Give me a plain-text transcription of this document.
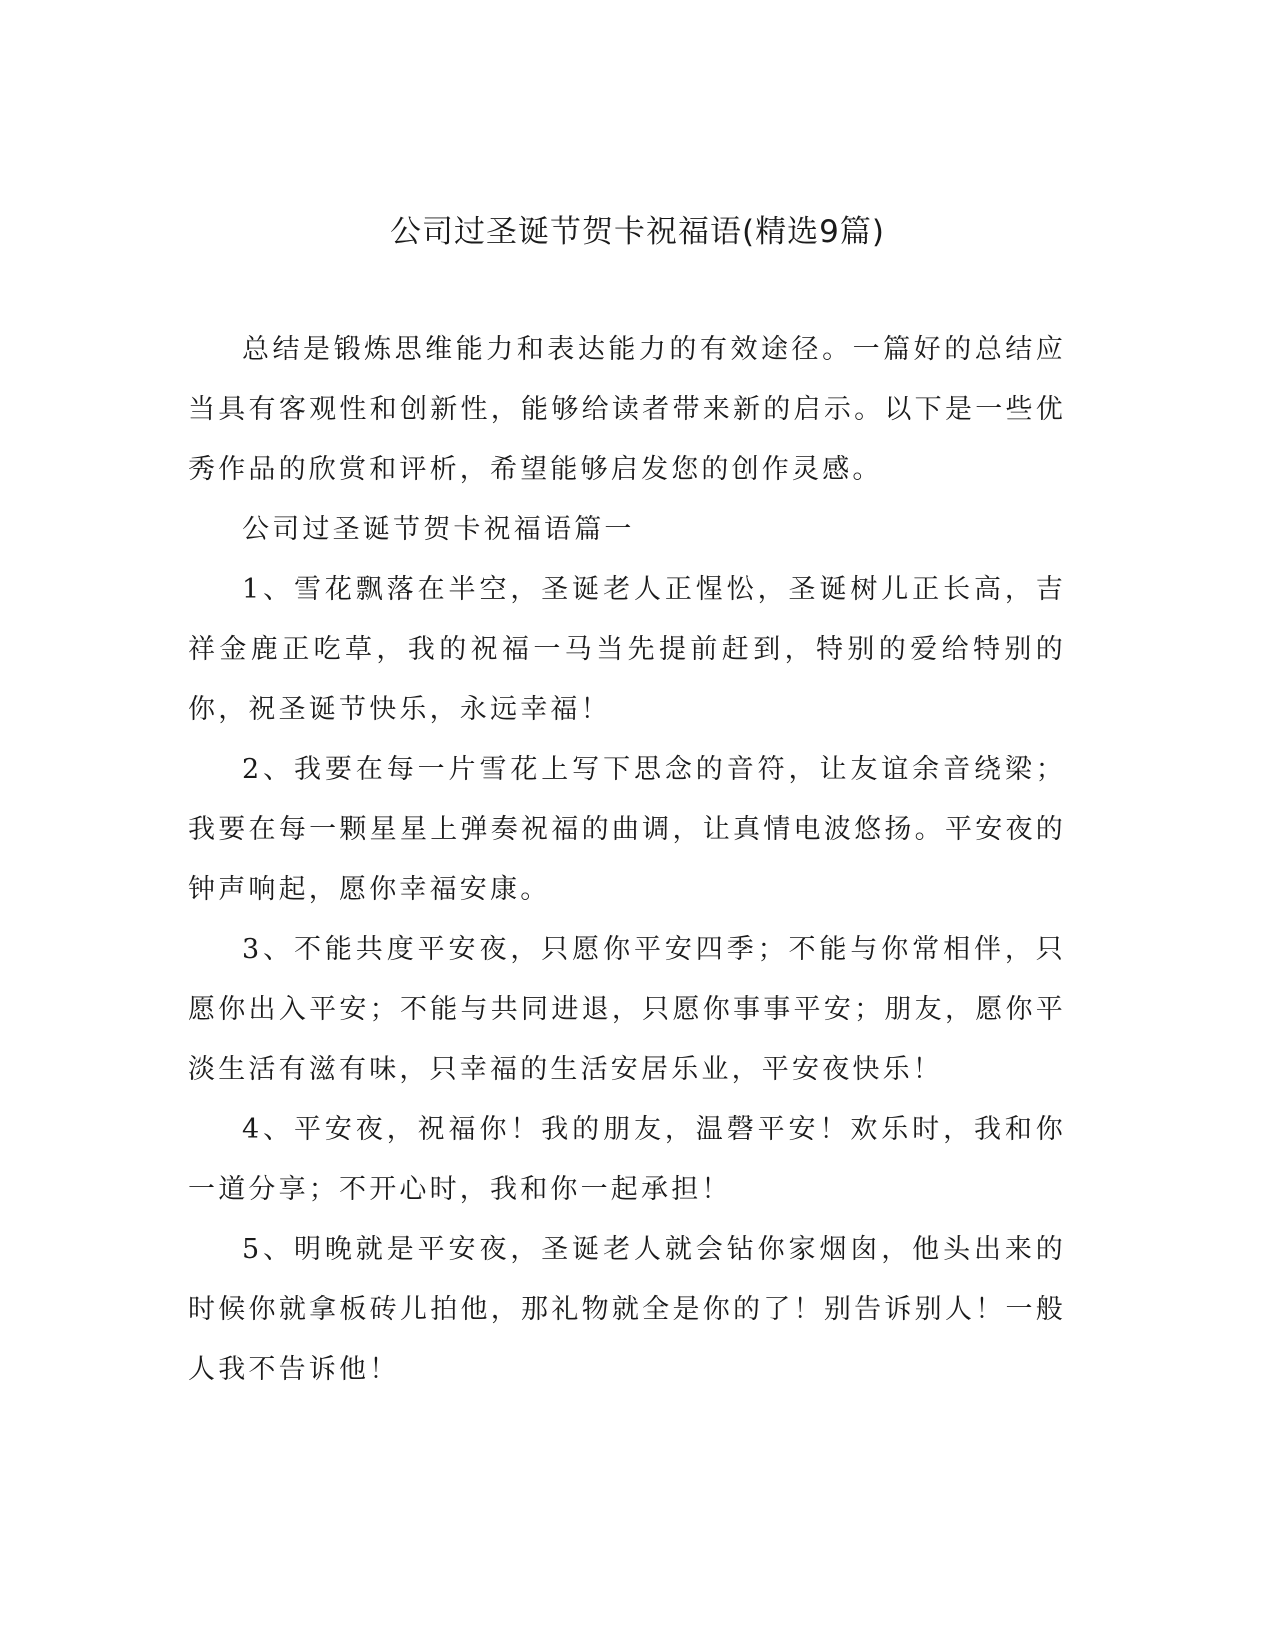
公司过圣诞节贺卡祝福语(精选9篇)

总结是锻炼思维能力和表达能力的有效途径。一篇好的总结应当具有客观性和创新性，能够给读者带来新的启示。以下是一些优秀作品的欣赏和评析，希望能够启发您的创作灵感。

公司过圣诞节贺卡祝福语篇一

1、雪花飘落在半空，圣诞老人正惺忪，圣诞树儿正长高，吉祥金鹿正吃草，我的祝福一马当先提前赶到，特别的爱给特别的你，祝圣诞节快乐，永远幸福！

2、我要在每一片雪花上写下思念的音符，让友谊余音绕梁；我要在每一颗星星上弹奏祝福的曲调，让真情电波悠扬。平安夜的钟声响起，愿你幸福安康。

3、不能共度平安夜，只愿你平安四季；不能与你常相伴，只愿你出入平安；不能与共同进退，只愿你事事平安；朋友，愿你平淡生活有滋有味，只幸福的生活安居乐业，平安夜快乐！

4、平安夜，祝福你！我的朋友，温磬平安！欢乐时，我和你一道分享；不开心时，我和你一起承担！

5、明晚就是平安夜，圣诞老人就会钻你家烟囱，他头出来的时候你就拿板砖儿拍他，那礼物就全是你的了！别告诉别人！一般人我不告诉他！
